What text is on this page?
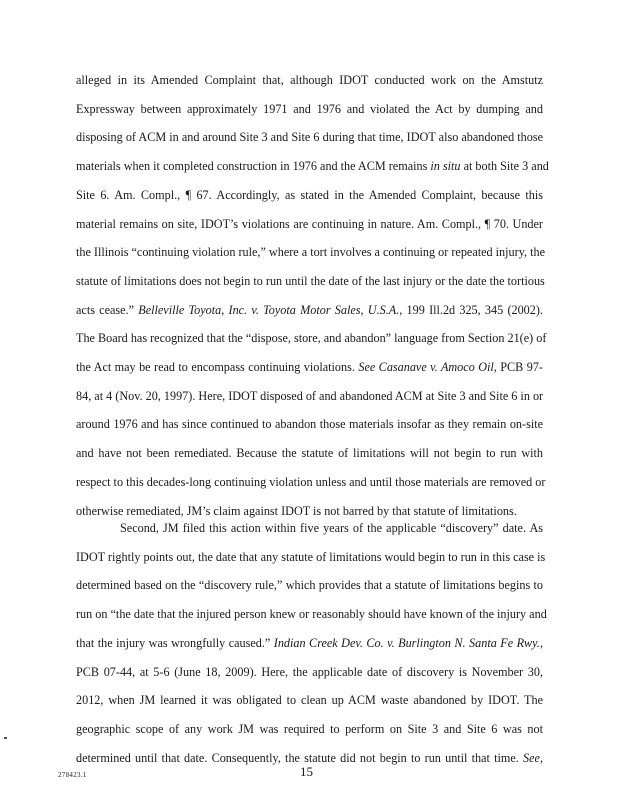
alleged in its Amended Complaint that, although IDOT conducted work on the Amstutz

Expressway between approximately 1971 and 1976 and violated the Act by dumping and

disposing of ACM in and around Site 3 and Site 6 during that time, IDOT also abandoned those

materials when it completed construction in 1976 and the ACM remains in situ at both Site 3 and

Site 6. Am. Compl., ¶ 67. Accordingly, as stated in the Amended Complaint, because this

material remains on site, IDOT’s violations are continuing in nature. Am. Compl., ¶ 70. Under

the Illinois “continuing violation rule,” where a tort involves a continuing or repeated injury, the

statute of limitations does not begin to run until the date of the last injury or the date the tortious

acts cease.” Belleville Toyota, Inc. v. Toyota Motor Sales, U.S.A., 199 Ill.2d 325, 345 (2002).

The Board has recognized that the “dispose, store, and abandon” language from Section 21(e) of

the Act may be read to encompass continuing violations. See Casanave v. Amoco Oil, PCB 97-

84, at 4 (Nov. 20, 1997). Here, IDOT disposed of and abandoned ACM at Site 3 and Site 6 in or

around 1976 and has since continued to abandon those materials insofar as they remain on-site

and have not been remediated. Because the statute of limitations will not begin to run with

respect to this decades-long continuing violation unless and until those materials are removed or

otherwise remediated, JM’s claim against IDOT is not barred by that statute of limitations.

Second, JM filed this action within five years of the applicable “discovery” date. As

IDOT rightly points out, the date that any statute of limitations would begin to run in this case is

determined based on the “discovery rule,” which provides that a statute of limitations begins to

run on “the date that the injured person knew or reasonably should have known of the injury and

that the injury was wrongfully caused.” Indian Creek Dev. Co. v. Burlington N. Santa Fe Rwy.,

PCB 07-44, at 5-6 (June 18, 2009). Here, the applicable date of discovery is November 30,

2012, when JM learned it was obligated to clean up ACM waste abandoned by IDOT. The

geographic scope of any work JM was required to perform on Site 3 and Site 6 was not

determined until that date. Consequently, the statute did not begin to run until that time. See,

15
278423.1
